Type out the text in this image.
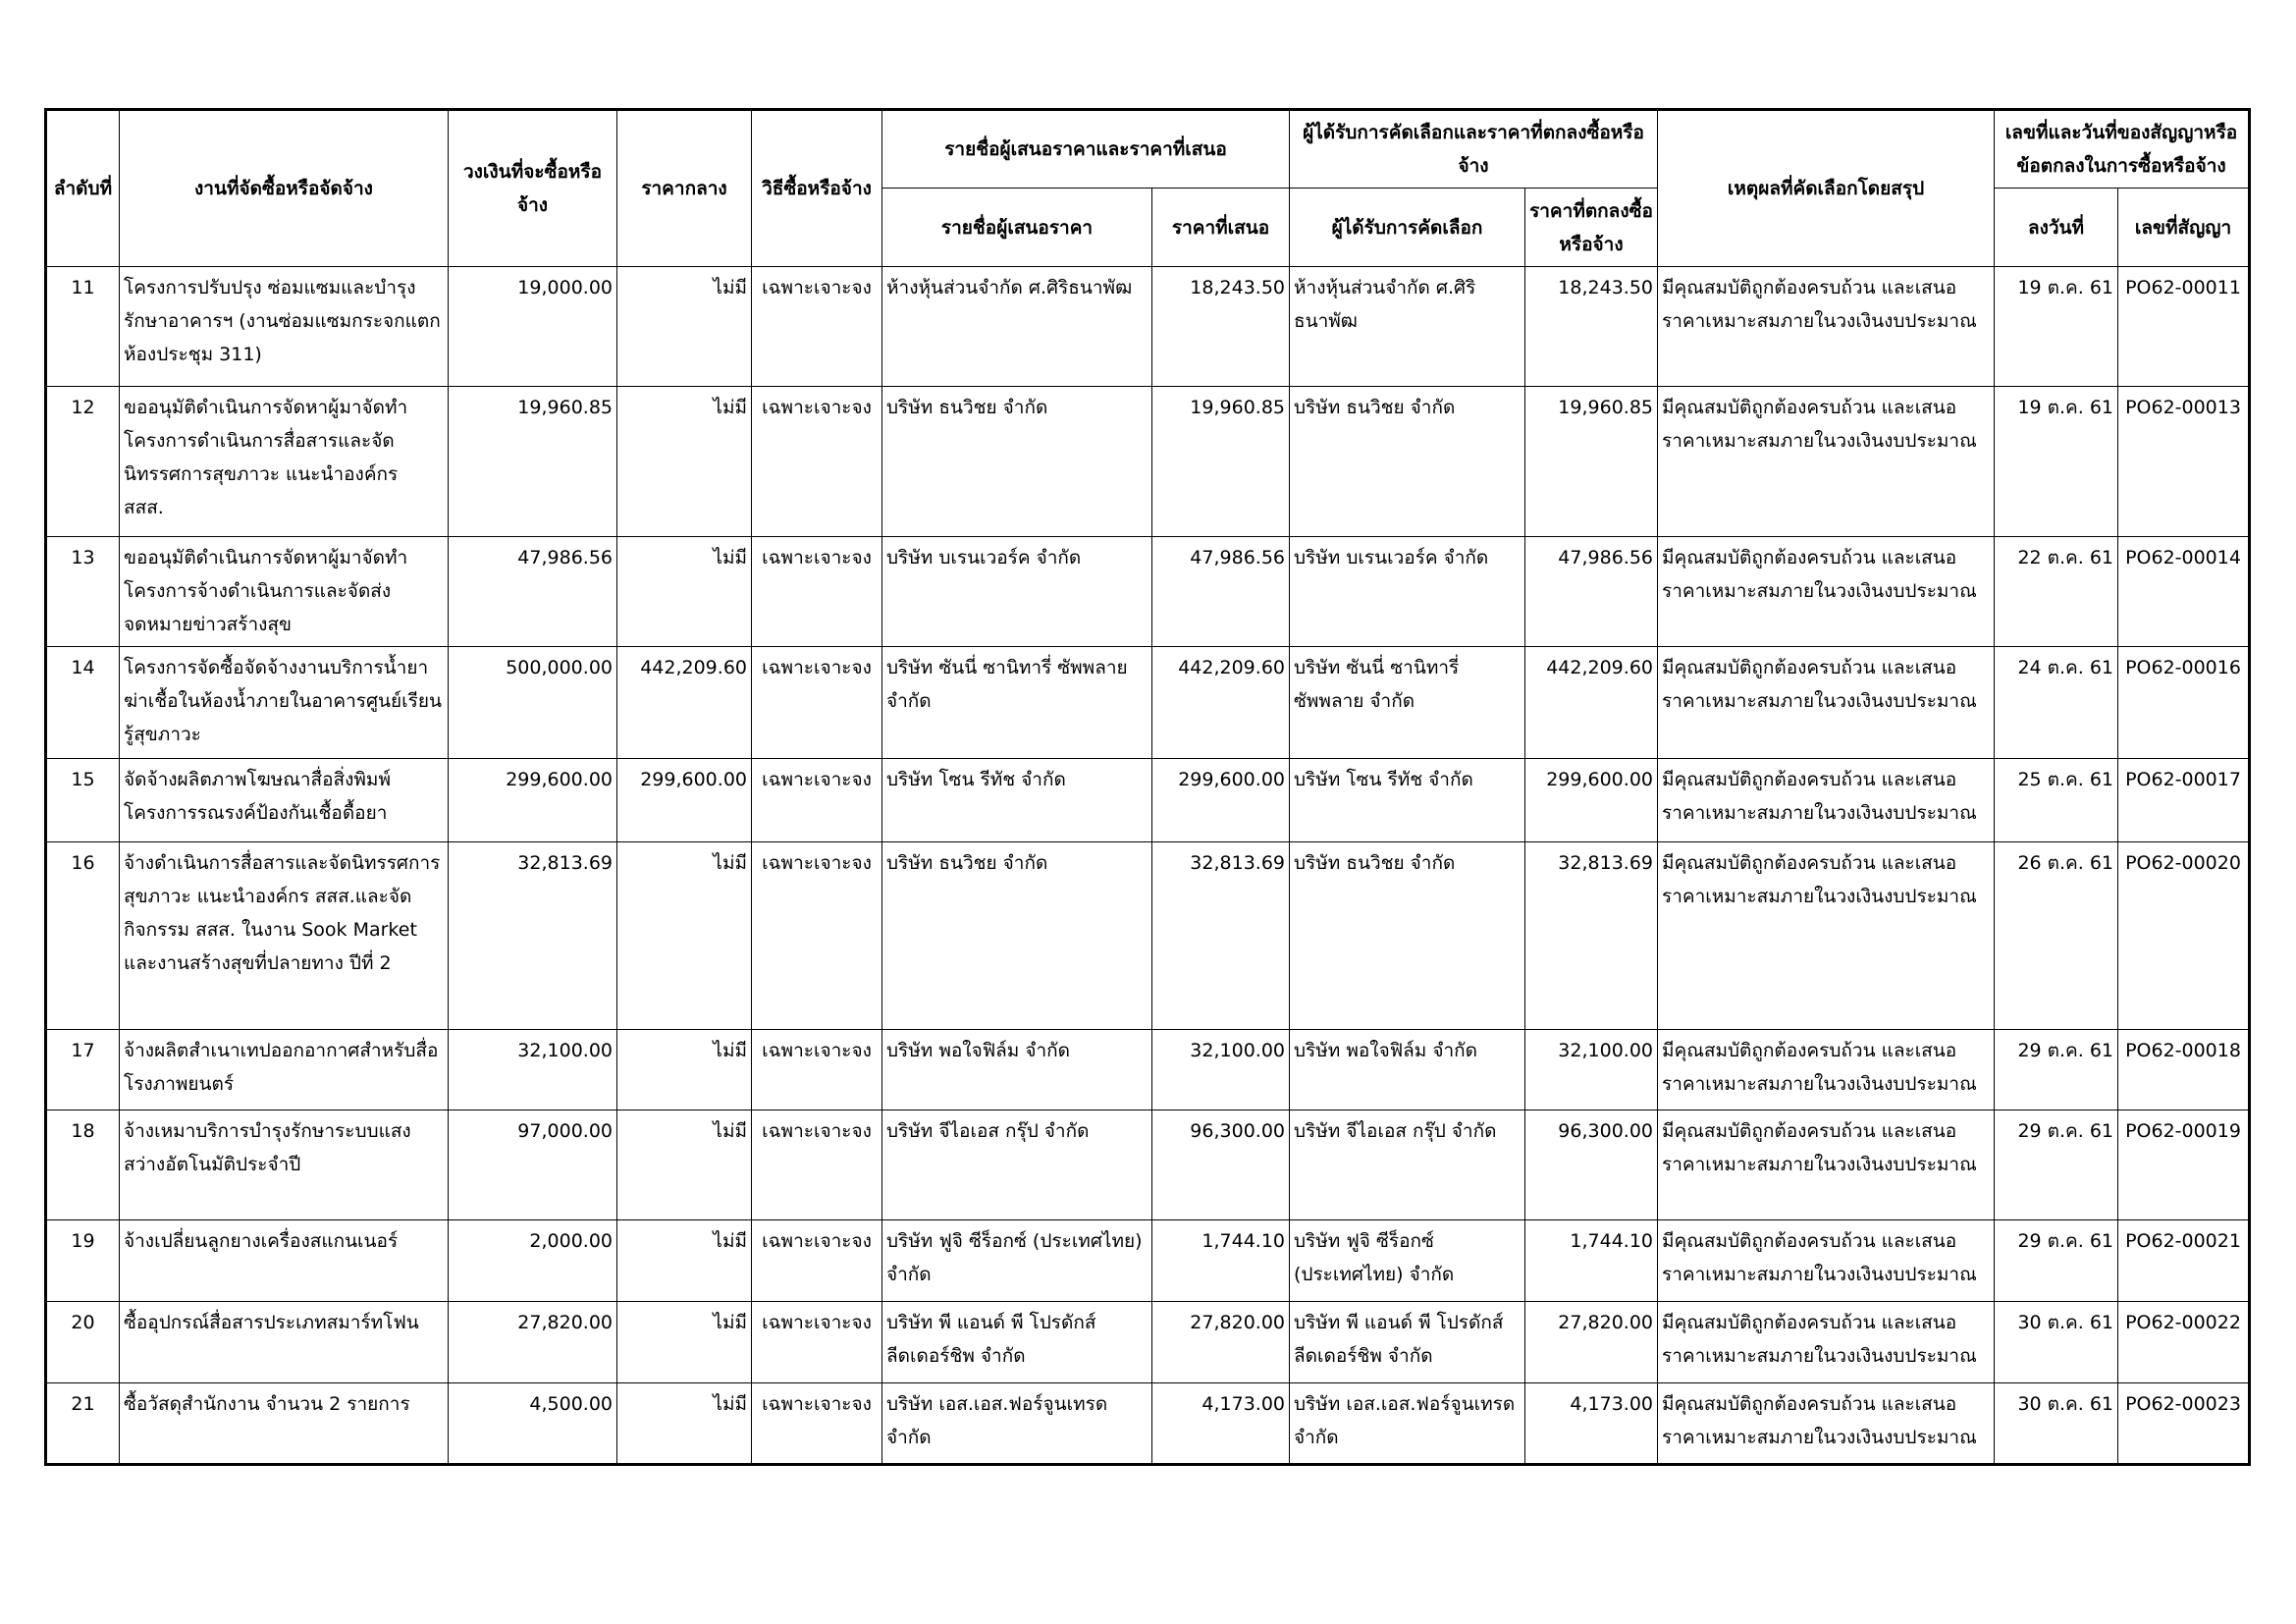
ลำดับที่	งานที่จัดซื้อหรือจัดจ้าง	วงเงินที่จะซื้อหรือจ้าง	ราคากลาง	วิธีซื้อหรือจ้าง	รายชื่อผู้เสนอราคาและราคาที่เสนอ		ผู้ได้รับการคัดเลือกและราคาที่ตกลงซื้อหรือจ้าง		เหตุผลที่คัดเลือกโดยสรุป	เลขที่และวันที่ของสัญญาหรือข้อตกลงในการซื้อหรือจ้าง	
					รายชื่อผู้เสนอราคา	ราคาที่เสนอ	ผู้ได้รับการคัดเลือก	ราคาที่ตกลงซื้อหรือจ้าง		ลงวันที่	เลขที่สัญญา
11	โครงการปรับปรุง ซ่อมแซมและบำรุงรักษาอาคารฯ (งานซ่อมแซมกระจกแตกห้องประชุม 311)	19,000.00	ไม่มี	เฉพาะเจาะจง	ห้างหุ้นส่วนจำกัด ศ.ศิริธนาพัฒ	18,243.50	ห้างหุ้นส่วนจำกัด ศ.ศิริธนาพัฒ	18,243.50	มีคุณสมบัติถูกต้องครบถ้วน และเสนอราคาเหมาะสมภายในวงเงินงบประมาณ	19 ต.ค. 61	PO62-00011
12	ขออนุมัติดำเนินการจัดหาผู้มาจัดทำโครงการดำเนินการสื่อสารและจัดนิทรรศการสุขภาวะ แนะนำองค์กร สสส.	19,960.85	ไม่มี	เฉพาะเจาะจง	บริษัท ธนวิชย จำกัด	19,960.85	บริษัท ธนวิชย จำกัด	19,960.85	มีคุณสมบัติถูกต้องครบถ้วน และเสนอราคาเหมาะสมภายในวงเงินงบประมาณ	19 ต.ค. 61	PO62-00013
13	ขออนุมัติดำเนินการจัดหาผู้มาจัดทำโครงการจ้างดำเนินการและจัดส่งจดหมายข่าวสร้างสุข	47,986.56	ไม่มี	เฉพาะเจาะจง	บริษัท บเรนเวอร์ค จำกัด	47,986.56	บริษัท บเรนเวอร์ค จำกัด	47,986.56	มีคุณสมบัติถูกต้องครบถ้วน และเสนอราคาเหมาะสมภายในวงเงินงบประมาณ	22 ต.ค. 61	PO62-00014
14	โครงการจัดซื้อจัดจ้างงานบริการน้ำยาฆ่าเชื้อในห้องน้ำภายในอาคารศูนย์เรียนรู้สุขภาวะ	500,000.00	442,209.60	เฉพาะเจาะจง	บริษัท ซันนี่ ซานิทารี่ ซัพพลาย จำกัด	442,209.60	บริษัท ซันนี่ ซานิทารี่ ซัพพลาย จำกัด	442,209.60	มีคุณสมบัติถูกต้องครบถ้วน และเสนอราคาเหมาะสมภายในวงเงินงบประมาณ	24 ต.ค. 61	PO62-00016
15	จัดจ้างผลิตภาพโฆษณาสื่อสิ่งพิมพ์โครงการรณรงค์ป้องกันเชื้อดื้อยา	299,600.00	299,600.00	เฉพาะเจาะจง	บริษัท โซน รีทัช จำกัด	299,600.00	บริษัท โซน รีทัช จำกัด	299,600.00	มีคุณสมบัติถูกต้องครบถ้วน และเสนอราคาเหมาะสมภายในวงเงินงบประมาณ	25 ต.ค. 61	PO62-00017
16	จ้างดำเนินการสื่อสารและจัดนิทรรศการสุขภาวะ แนะนำองค์กร สสส.และจัดกิจกรรม สสส. ในงาน Sook Market และงานสร้างสุขที่ปลายทาง ปีที่ 2	32,813.69	ไม่มี	เฉพาะเจาะจง	บริษัท ธนวิชย จำกัด	32,813.69	บริษัท ธนวิชย จำกัด	32,813.69	มีคุณสมบัติถูกต้องครบถ้วน และเสนอราคาเหมาะสมภายในวงเงินงบประมาณ	26 ต.ค. 61	PO62-00020
17	จ้างผลิตสำเนาเทปออกอากาศสำหรับสื่อโรงภาพยนตร์	32,100.00	ไม่มี	เฉพาะเจาะจง	บริษัท พอใจฟิล์ม จำกัด	32,100.00	บริษัท พอใจฟิล์ม จำกัด	32,100.00	มีคุณสมบัติถูกต้องครบถ้วน และเสนอราคาเหมาะสมภายในวงเงินงบประมาณ	29 ต.ค. 61	PO62-00018
18	จ้างเหมาบริการบำรุงรักษาระบบแสงสว่างอัตโนมัติประจำปี	97,000.00	ไม่มี	เฉพาะเจาะจง	บริษัท จีไอเอส กรุ๊ป จำกัด	96,300.00	บริษัท จีไอเอส กรุ๊ป จำกัด	96,300.00	มีคุณสมบัติถูกต้องครบถ้วน และเสนอราคาเหมาะสมภายในวงเงินงบประมาณ	29 ต.ค. 61	PO62-00019
19	จ้างเปลี่ยนลูกยางเครื่องสแกนเนอร์	2,000.00	ไม่มี	เฉพาะเจาะจง	บริษัท ฟูจิ ซีร็อกซ์ (ประเทศไทย) จำกัด	1,744.10	บริษัท ฟูจิ ซีร็อกซ์ (ประเทศไทย) จำกัด	1,744.10	มีคุณสมบัติถูกต้องครบถ้วน และเสนอราคาเหมาะสมภายในวงเงินงบประมาณ	29 ต.ค. 61	PO62-00021
20	ซื้ออุปกรณ์สื่อสารประเภทสมาร์ทโฟน	27,820.00	ไม่มี	เฉพาะเจาะจง	บริษัท พี แอนด์ พี โปรดักส์ ลีดเดอร์ชิพ จำกัด	27,820.00	บริษัท พี แอนด์ พี โปรดักส์ ลีดเดอร์ชิพ จำกัด	27,820.00	มีคุณสมบัติถูกต้องครบถ้วน และเสนอราคาเหมาะสมภายในวงเงินงบประมาณ	30 ต.ค. 61	PO62-00022
21	ซื้อวัสดุสำนักงาน จำนวน 2 รายการ	4,500.00	ไม่มี	เฉพาะเจาะจง	บริษัท เอส.เอส.ฟอร์จูนเทรด จำกัด	4,173.00	บริษัท เอส.เอส.ฟอร์จูนเทรด จำกัด	4,173.00	มีคุณสมบัติถูกต้องครบถ้วน และเสนอราคาเหมาะสมภายในวงเงินงบประมาณ	30 ต.ค. 61	PO62-00023
